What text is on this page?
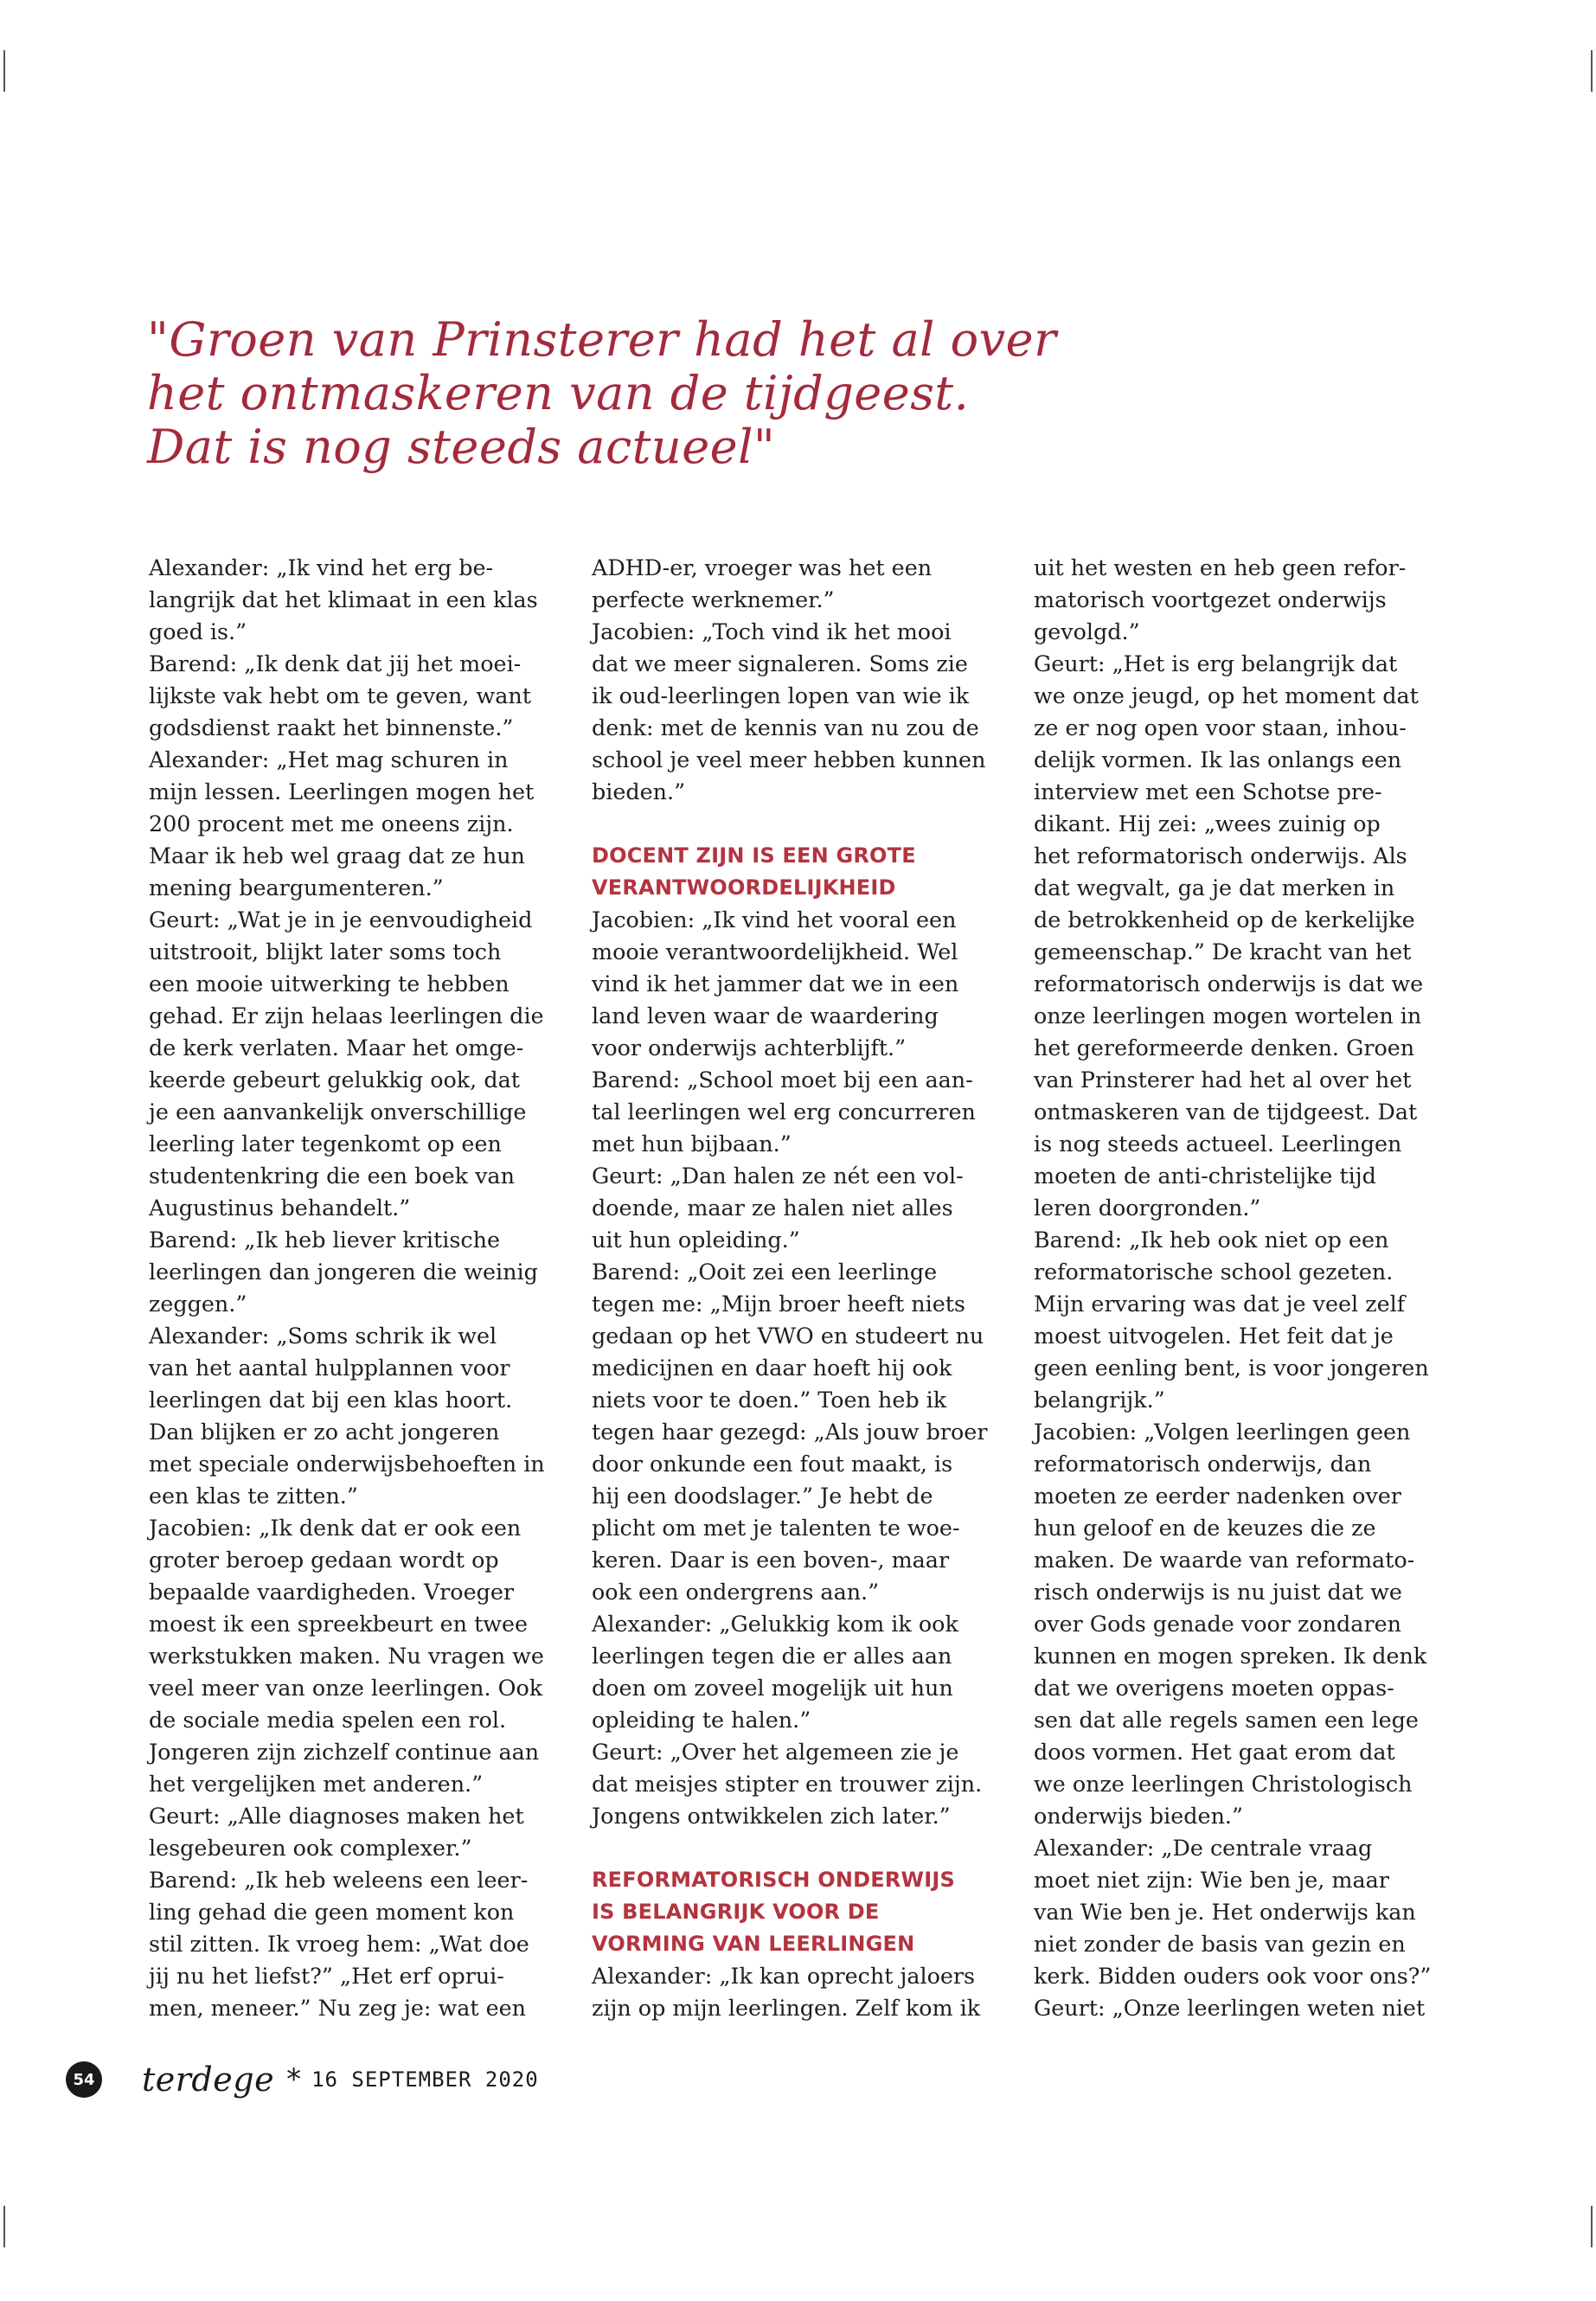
"Groen van Prinsterer had het al over
het ontmaskeren van de tijdgeest.
Dat is nog steeds actueel"
Alexander: „Ik vind het erg be-
langrijk dat het klimaat in een klas
goed is.”
Barend: „Ik denk dat jij het moei-
lijkste vak hebt om te geven, want
godsdienst raakt het binnenste.”
Alexander: „Het mag schuren in
mijn lessen. Leerlingen mogen het
200 procent met me oneens zijn.
Maar ik heb wel graag dat ze hun
mening beargumenteren.”
Geurt: „Wat je in je eenvoudigheid
uitstrooit, blijkt later soms toch
een mooie uitwerking te hebben
gehad. Er zijn helaas leerlingen die
de kerk verlaten. Maar het omge-
keerde gebeurt gelukkig ook, dat
je een aanvankelijk onverschillige
leerling later tegenkomt op een
studentenkring die een boek van
Augustinus behandelt.”
Barend: „Ik heb liever kritische
leerlingen dan jongeren die weinig
zeggen.”
Alexander: „Soms schrik ik wel
van het aantal hulpplannen voor
leerlingen dat bij een klas hoort.
Dan blijken er zo acht jongeren
met speciale onderwijsbehoeften in
een klas te zitten.”
Jacobien: „Ik denk dat er ook een
groter beroep gedaan wordt op
bepaalde vaardigheden. Vroeger
moest ik een spreekbeurt en twee
werkstukken maken. Nu vragen we
veel meer van onze leerlingen. Ook
de sociale media spelen een rol.
Jongeren zijn zichzelf continue aan
het vergelijken met anderen.”
Geurt: „Alle diagnoses maken het
lesgebeuren ook complexer.”
Barend: „Ik heb weleens een leer-
ling gehad die geen moment kon
stil zitten. Ik vroeg hem: „Wat doe
jij nu het liefst?” „Het erf oprui-
men, meneer.” Nu zeg je: wat een
ADHD-er, vroeger was het een
perfecte werknemer.”
Jacobien: „Toch vind ik het mooi
dat we meer signaleren. Soms zie
ik oud-leerlingen lopen van wie ik
denk: met de kennis van nu zou de
school je veel meer hebben kunnen
bieden.”
DOCENT ZIJN IS EEN GROTE
VERANTWOORDELIJKHEID
Jacobien: „Ik vind het vooral een
mooie verantwoordelijkheid. Wel
vind ik het jammer dat we in een
land leven waar de waardering
voor onderwijs achterblijft.”
Barend: „School moet bij een aan-
tal leerlingen wel erg concurreren
met hun bijbaan.”
Geurt: „Dan halen ze nét een vol-
doende, maar ze halen niet alles
uit hun opleiding.”
Barend: „Ooit zei een leerlinge
tegen me: „Mijn broer heeft niets
gedaan op het VWO en studeert nu
medicijnen en daar hoeft hij ook
niets voor te doen.” Toen heb ik
tegen haar gezegd: „Als jouw broer
door onkunde een fout maakt, is
hij een doodslager.” Je hebt de
plicht om met je talenten te woe-
keren. Daar is een boven-, maar
ook een ondergrens aan.”
Alexander: „Gelukkig kom ik ook
leerlingen tegen die er alles aan
doen om zoveel mogelijk uit hun
opleiding te halen.”
Geurt: „Over het algemeen zie je
dat meisjes stipter en trouwer zijn.
Jongens ontwikkelen zich later.”
REFORMATORISCH ONDERWIJS
IS BELANGRIJK VOOR DE
VORMING VAN LEERLINGEN
Alexander: „Ik kan oprecht jaloers
zijn op mijn leerlingen. Zelf kom ik
uit het westen en heb geen refor-
matorisch voortgezet onderwijs
gevolgd.”
Geurt: „Het is erg belangrijk dat
we onze jeugd, op het moment dat
ze er nog open voor staan, inhou-
delijk vormen. Ik las onlangs een
interview met een Schotse pre-
dikant. Hij zei: „wees zuinig op
het reformatorisch onderwijs. Als
dat wegvalt, ga je dat merken in
de betrokkenheid op de kerkelijke
gemeenschap.” De kracht van het
reformatorisch onderwijs is dat we
onze leerlingen mogen wortelen in
het gereformeerde denken. Groen
van Prinsterer had het al over het
ontmaskeren van de tijdgeest. Dat
is nog steeds actueel. Leerlingen
moeten de anti-christelijke tijd
leren doorgronden.”
Barend: „Ik heb ook niet op een
reformatorische school gezeten.
Mijn ervaring was dat je veel zelf
moest uitvogelen. Het feit dat je
geen eenling bent, is voor jongeren
belangrijk.”
Jacobien: „Volgen leerlingen geen
reformatorisch onderwijs, dan
moeten ze eerder nadenken over
hun geloof en de keuzes die ze
maken. De waarde van reformato-
risch onderwijs is nu juist dat we
over Gods genade voor zondaren
kunnen en mogen spreken. Ik denk
dat we overigens moeten oppas-
sen dat alle regels samen een lege
doos vormen. Het gaat erom dat
we onze leerlingen Christologisch
onderwijs bieden.”
Alexander: „De centrale vraag
moet niet zijn: Wie ben je, maar
van Wie ben je. Het onderwijs kan
niet zonder de basis van gezin en
kerk. Bidden ouders ook voor ons?”
Geurt: „Onze leerlingen weten niet
54 terdege * 16 SEPTEMBER 2020
